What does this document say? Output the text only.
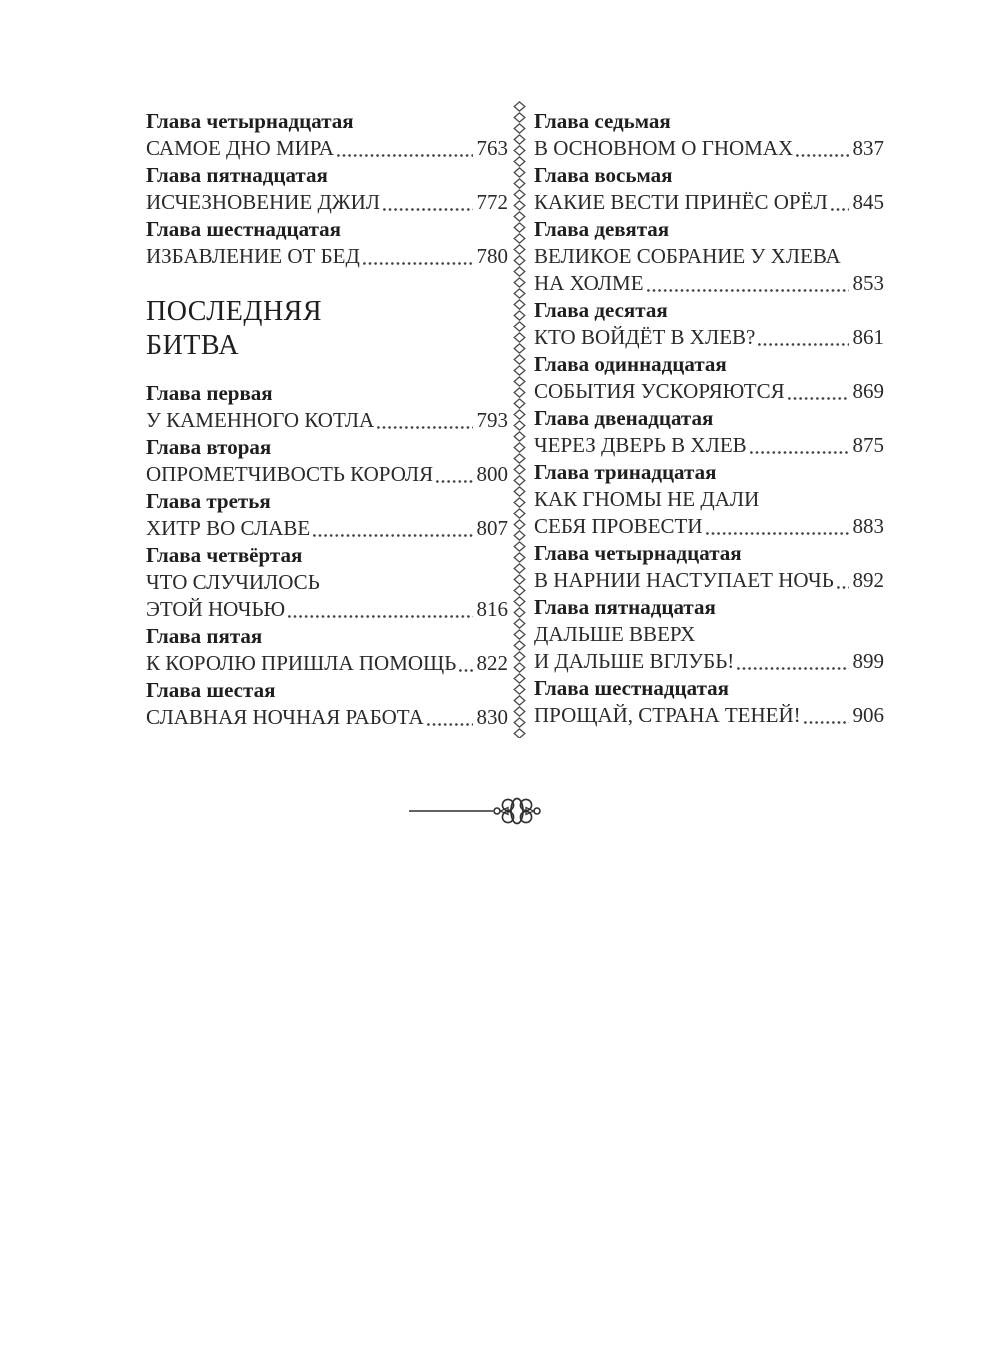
Глава четырнадцатая
САМОЕ ДНО МИРА	763
Глава пятнадцатая
ИСЧЕЗНОВЕНИЕ ДЖИЛ	772
Глава шестнадцатая
ИЗБАВЛЕНИЕ ОТ БЕД	780
ПОСЛЕДНЯЯ
БИТВА
Глава первая
У КАМЕННОГО КОТЛА	793
Глава вторая
ОПРОМЕТЧИВОСТЬ КОРОЛЯ 800
Глава третья
ХИТР ВО СЛАВЕ	807
Глава четвёртая
ЧТО СЛУЧИЛОСЬ
ЭТОЙ НОЧЬЮ	816
Глава пятая
К КОРОЛЮ ПРИШЛА ПОМОЩЬ 822
Глава шестая
СЛАВНАЯ НОЧНАЯ РАБОТА	830
Глава седьмая
В ОСНОВНОМ О ГНОМАХ	837
Глава восьмая
КАКИЕ ВЕСТИ ПРИНЁС ОРЁЛ 845
Глава девятая
ВЕЛИКОЕ СОБРАНИЕ У ХЛЕВА
НА ХОЛМЕ	853
Глава десятая
КТО ВОЙДЁТ В ХЛЕВ?	861
Глава одиннадцатая
СОБЫТИЯ УСКОРЯЮТСЯ	869
Глава двенадцатая
ЧЕРЕЗ ДВЕРЬ В ХЛЕВ	875
Глава тринадцатая
КАК ГНОМЫ НЕ ДАЛИ
СЕБЯ ПРОВЕСТИ	883
Глава четырнадцатая
В НАРНИИ НАСТУПАЕТ НОЧЬ 892
Глава пятнадцатая
ДАЛЬШЕ ВВЕРХ
И ДАЛЬШЕ ВГЛУБЬ!	899
Глава шестнадцатая
ПРОЩАЙ, СТРАНА ТЕНЕЙ! 906
